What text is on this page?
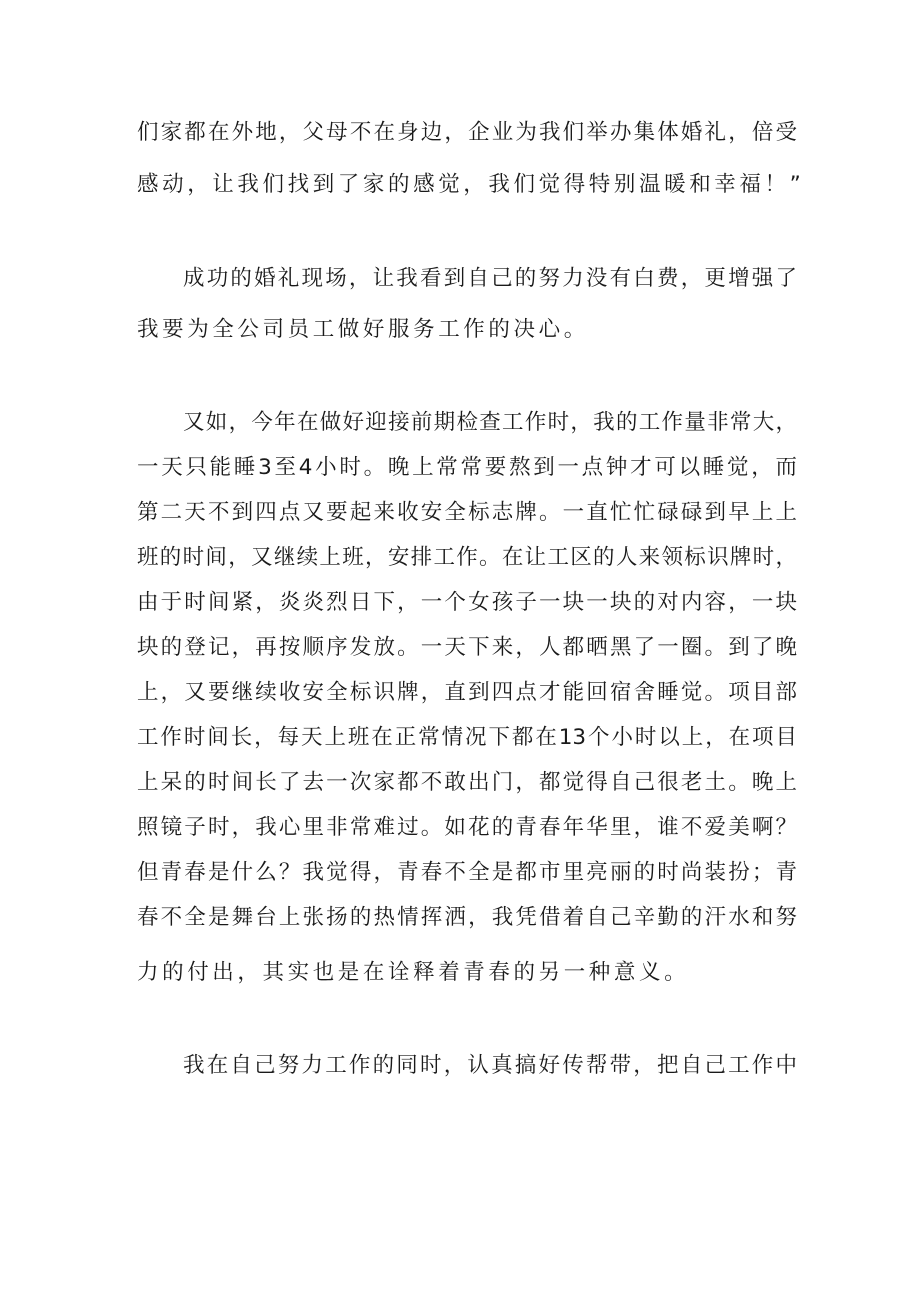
们家都在外地，父母不在身边，企业为我们举办集体婚礼，倍受
感动，让我们找到了家的感觉，我们觉得特别温暖和幸福！”
成功的婚礼现场，让我看到自己的努力没有白费，更增强了
我要为全公司员工做好服务工作的决心。
又如，今年在做好迎接前期检查工作时，我的工作量非常大，
一天只能睡3至4小时。晚上常常要熬到一点钟才可以睡觉，而
第二天不到四点又要起来收安全标志牌。一直忙忙碌碌到早上上
班的时间，又继续上班，安排工作。在让工区的人来领标识牌时，
由于时间紧，炎炎烈日下，一个女孩子一块一块的对内容，一块
块的登记，再按顺序发放。一天下来，人都晒黑了一圈。到了晚
上，又要继续收安全标识牌，直到四点才能回宿舍睡觉。项目部
工作时间长，每天上班在正常情况下都在13个小时以上，在项目
上呆的时间长了去一次家都不敢出门，都觉得自己很老土。晚上
照镜子时，我心里非常难过。如花的青春年华里，谁不爱美啊？
但青春是什么？我觉得，青春不全是都市里亮丽的时尚装扮；青
春不全是舞台上张扬的热情挥洒，我凭借着自己辛勤的汗水和努
力的付出，其实也是在诠释着青春的另一种意义。
我在自己努力工作的同时，认真搞好传帮带，把自己工作中
